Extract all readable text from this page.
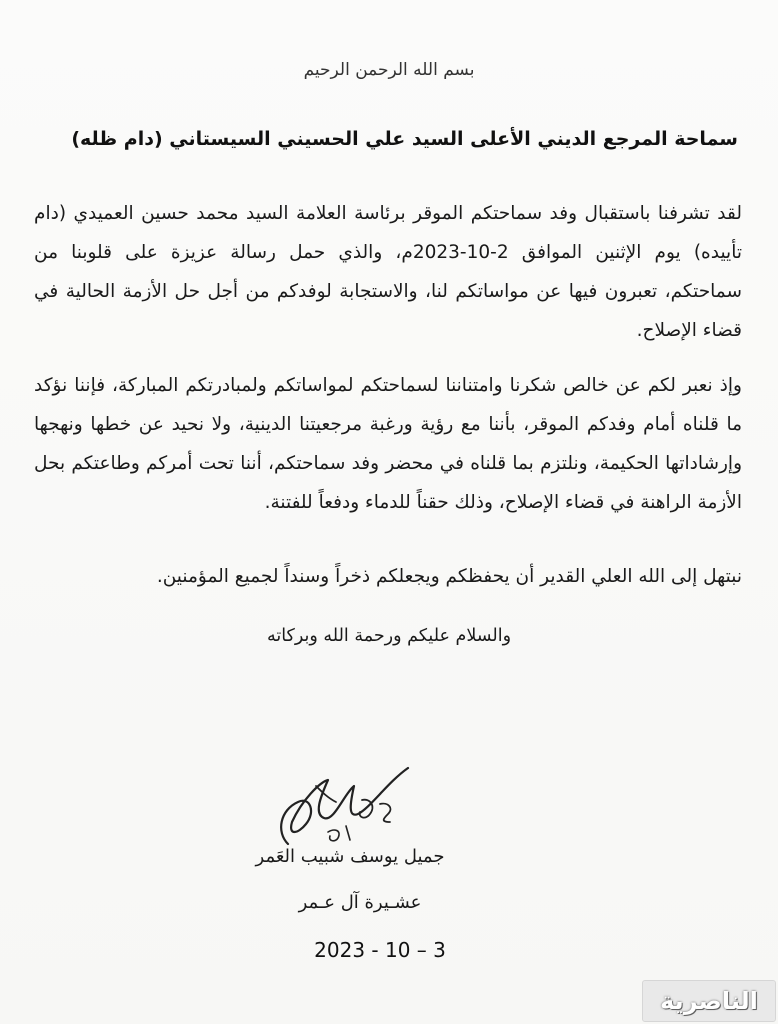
بسم الله الرحمن الرحيم
سماحة المرجع الديني الأعلى السيد علي الحسيني السيستاني (دام ظله)
لقد تشرفنا باستقبال وفد سماحتكم الموقر برئاسة العلامة السيد محمد حسين العميدي (دام تأييده) يوم الإثنين الموافق 2-10-2023م، والذي حمل رسالة عزيزة على قلوبنا من سماحتكم، تعبرون فيها عن مواساتكم لنا، والاستجابة لوفدكم من أجل حل الأزمة الحالية في قضاء الإصلاح.
وإذ نعبر لكم عن خالص شكرنا وامتناننا لسماحتكم لمواساتكم ولمبادرتكم المباركة، فإننا نؤكد ما قلناه أمام وفدكم الموقر، بأننا مع رؤية ورغبة مرجعيتنا الدينية، ولا نحيد عن خطها ونهجها وإرشاداتها الحكيمة، ونلتزم بما قلناه في محضر وفد سماحتكم، أننا تحت أمركم وطاعتكم بحل الأزمة الراهنة في قضاء الإصلاح، وذلك حقناً للدماء ودفعاً للفتنة.
نبتهل إلى الله العلي القدير أن يحفظكم ويجعلكم ذخراً وسنداً لجميع المؤمنين.
والسلام عليكم ورحمة الله وبركاته
جميل يوسف شبيب العَمر
عشـيرة آل عـمر
2023 - 10 – 3
الناصرية
